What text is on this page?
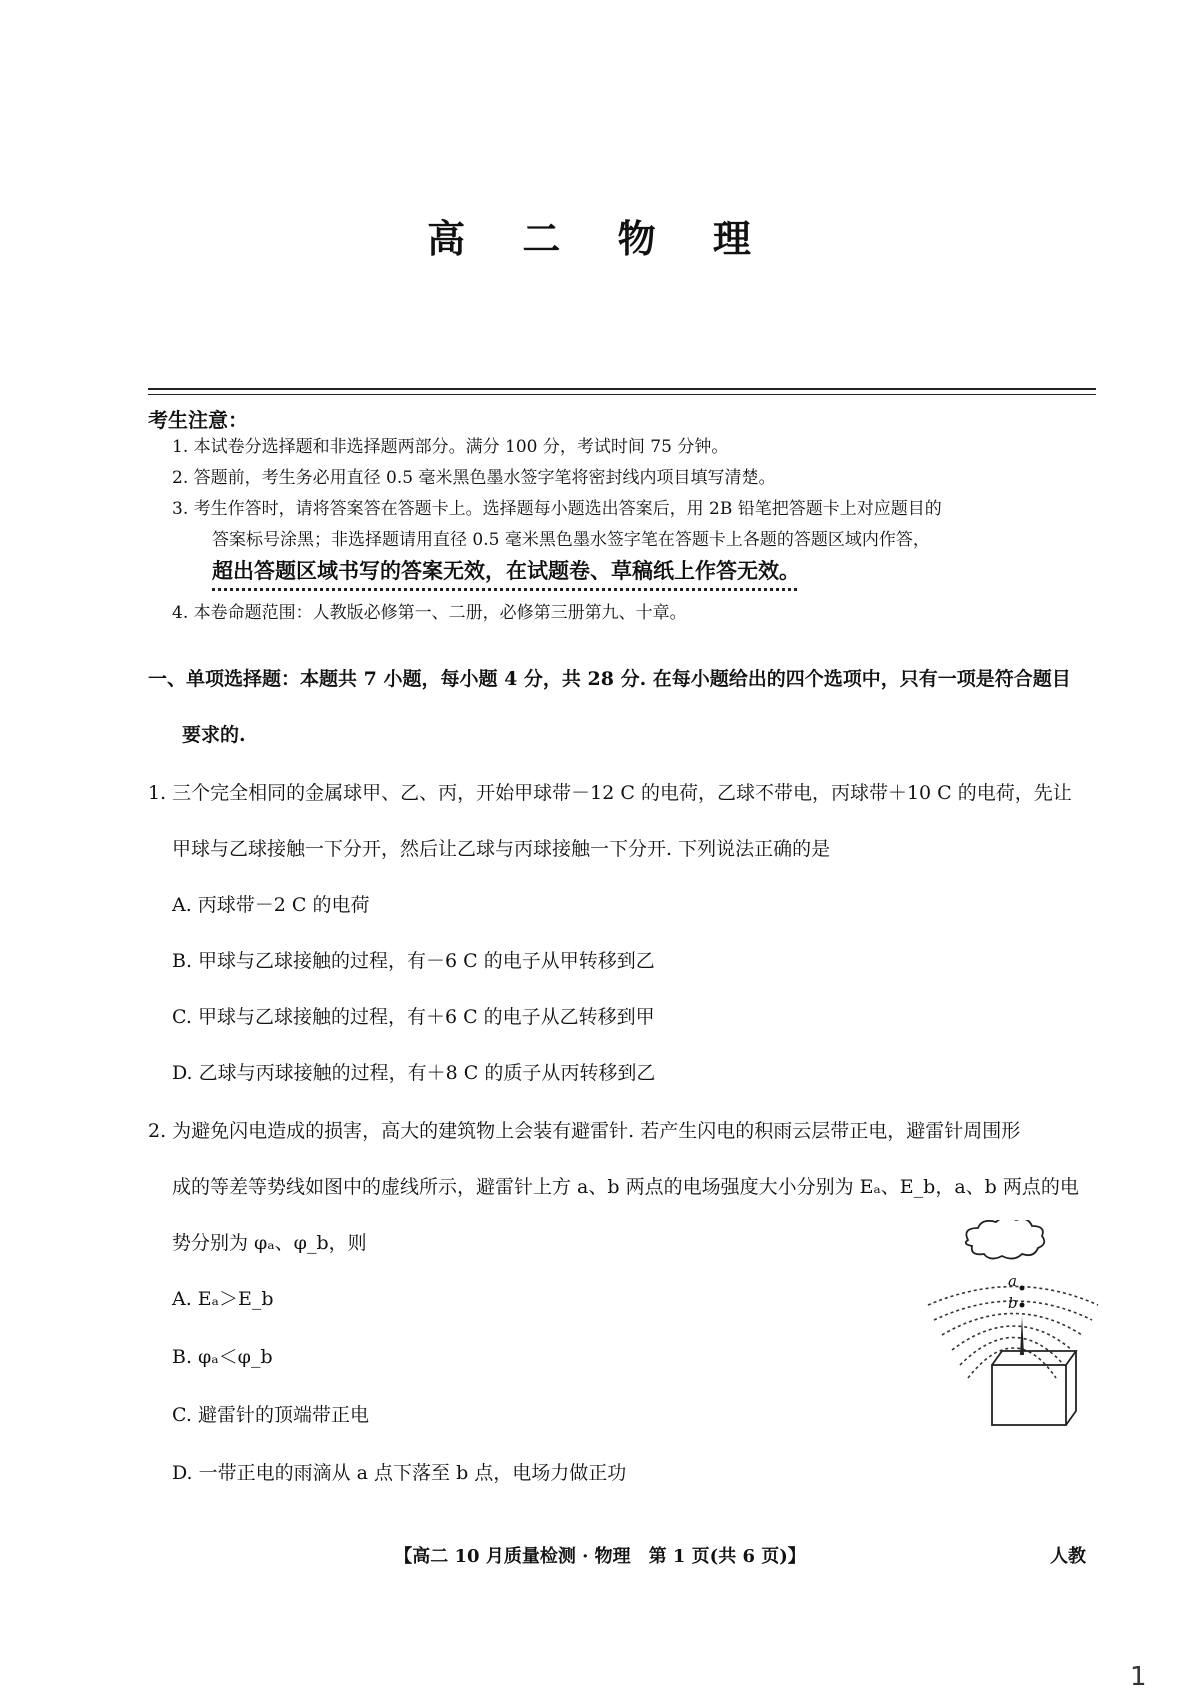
高 二 物 理

考生注意：

1. 本试卷分选择题和非选择题两部分。满分 100 分，考试时间 75 分钟。

2. 答题前，考生务必用直径 0.5 毫米黑色墨水签字笔将密封线内项目填写清楚。

3. 考生作答时，请将答案答在答题卡上。选择题每小题选出答案后，用 2B 铅笔把答题卡上对应题目的

答案标号涂黑；非选择题请用直径 0.5 毫米黑色墨水签字笔在答题卡上各题的答题区域内作答，

超出答题区域书写的答案无效，在试题卷、草稿纸上作答无效。

4. 本卷命题范围：人教版必修第一、二册，必修第三册第九、十章。

一、单项选择题：本题共 7 小题，每小题 4 分，共 28 分. 在每小题给出的四个选项中，只有一项是符合题目

要求的.

1. 三个完全相同的金属球甲、乙、丙，开始甲球带－12 C 的电荷，乙球不带电，丙球带＋10 C 的电荷，先让

甲球与乙球接触一下分开，然后让乙球与丙球接触一下分开. 下列说法正确的是

A. 丙球带－2 C 的电荷

B. 甲球与乙球接触的过程，有－6 C 的电子从甲转移到乙

C. 甲球与乙球接触的过程，有＋6 C 的电子从乙转移到甲

D. 乙球与丙球接触的过程，有＋8 C 的质子从丙转移到乙

2. 为避免闪电造成的损害，高大的建筑物上会装有避雷针. 若产生闪电的积雨云层带正电，避雷针周围形

成的等差等势线如图中的虚线所示，避雷针上方 a、b 两点的电场强度大小分别为 Eₐ、E_b，a、b 两点的电

势分别为 φₐ、φ_b，则

A. Eₐ＞E_b

B. φₐ＜φ_b

C. 避雷针的顶端带正电

D. 一带正电的雨滴从 a 点下落至 b 点，电场力做正功

a
b

【高二 10 月质量检测 · 物理　第 1 页(共 6 页)】	人教

1
